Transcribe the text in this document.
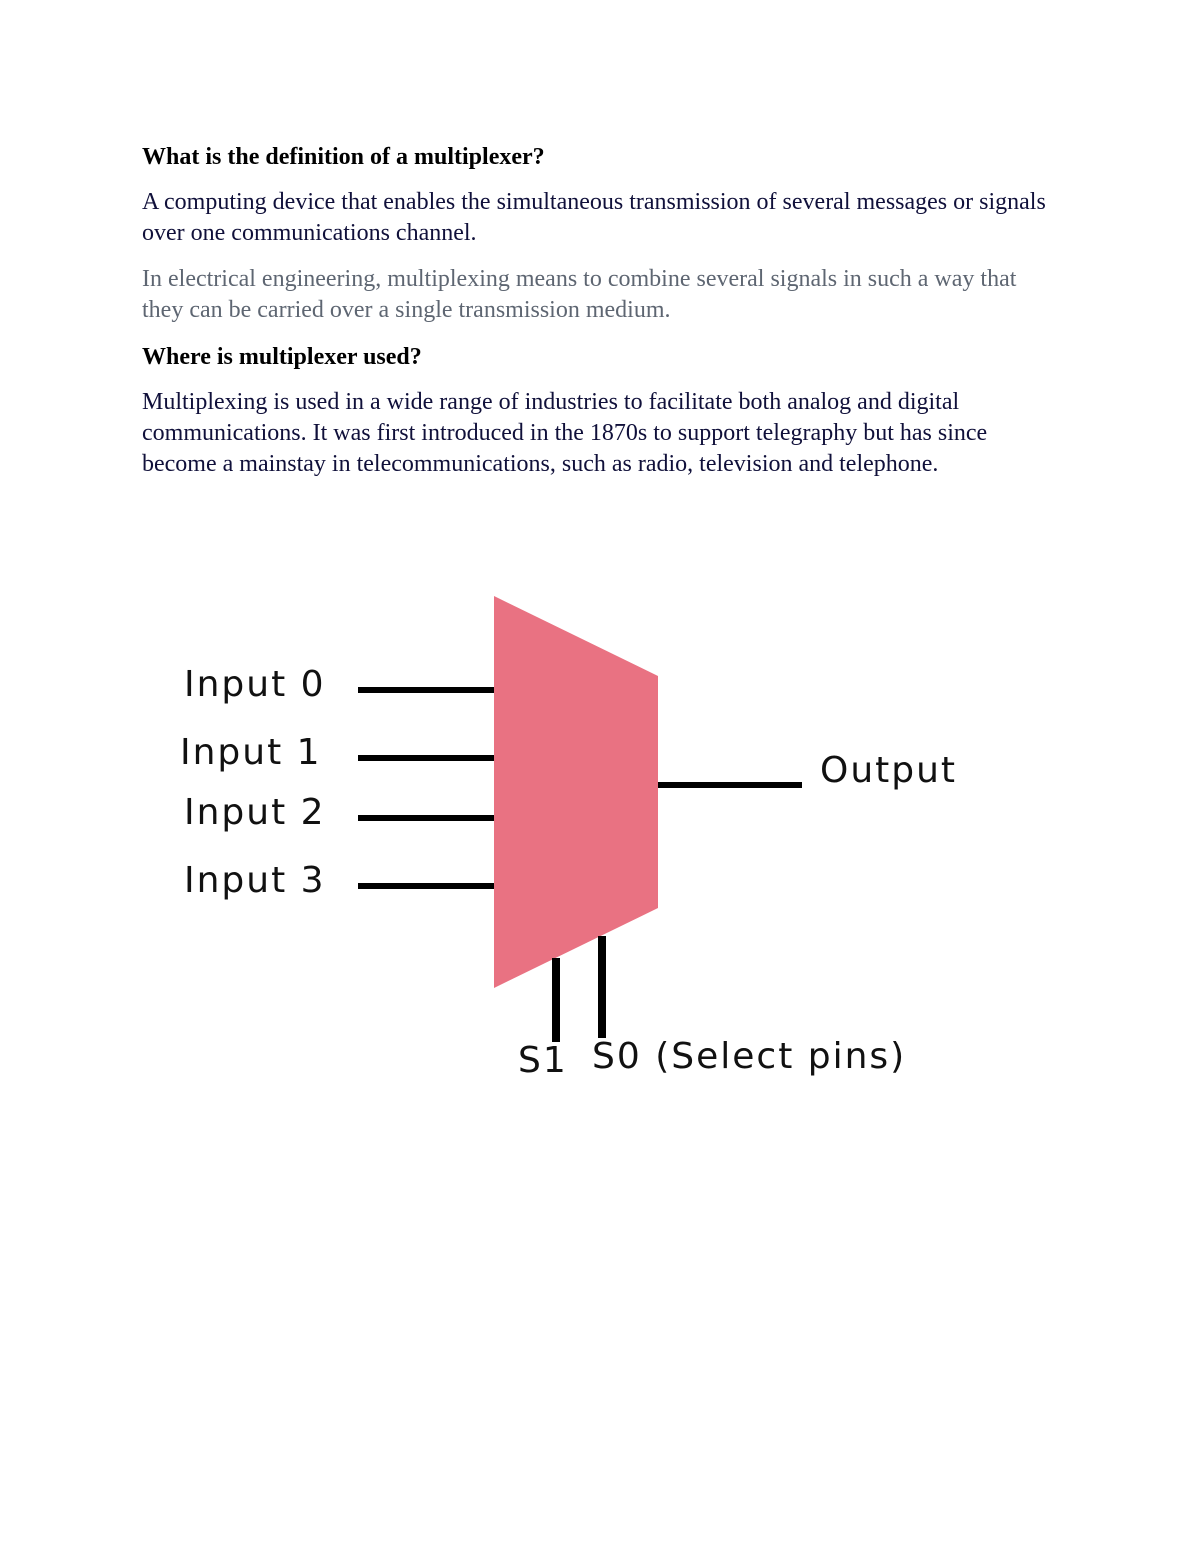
What is the definition of a multiplexer?

A computing device that enables the simultaneous transmission of several messages or signals over one communications channel.

In electrical engineering, multiplexing means to combine several signals in such a way that they can be carried over a single transmission medium.

Where is multiplexer used?

Multiplexing is used in a wide range of industries to facilitate both analog and digital communications. It was first introduced in the 1870s to support telegraphy but has since become a mainstay in telecommunications, such as radio, television and telephone.

Input 0
Input 1
Input 2
Input 3
Output
S1 S0 (Select pins)
